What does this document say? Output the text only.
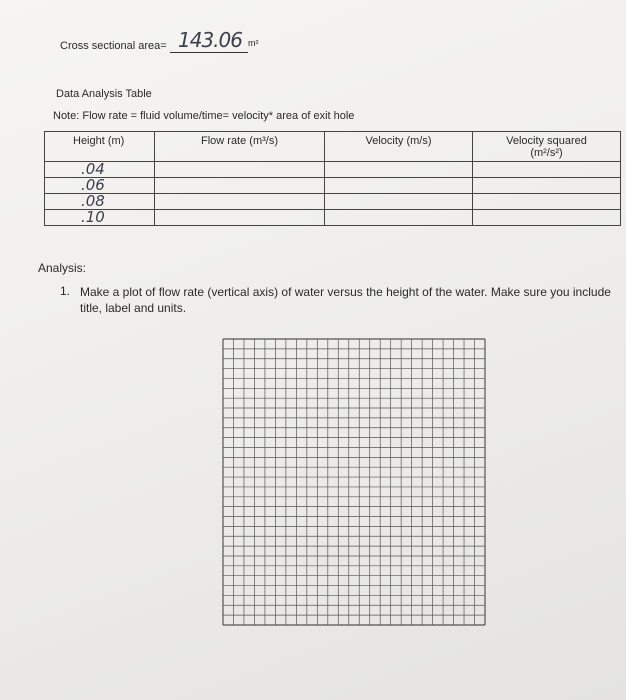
Cross sectional area= 143.06 m²
Data Analysis Table
Note: Flow rate = fluid volume/time= velocity* area of exit hole
Height (m)	Flow rate (m³/s)	Velocity (m/s)	Velocity squared (m²/s²)
.04			
.06			
.08			
.10			
Analysis:
1. Make a plot of flow rate (vertical axis) of water versus the height of the water. Make sure you include title, label and units.
